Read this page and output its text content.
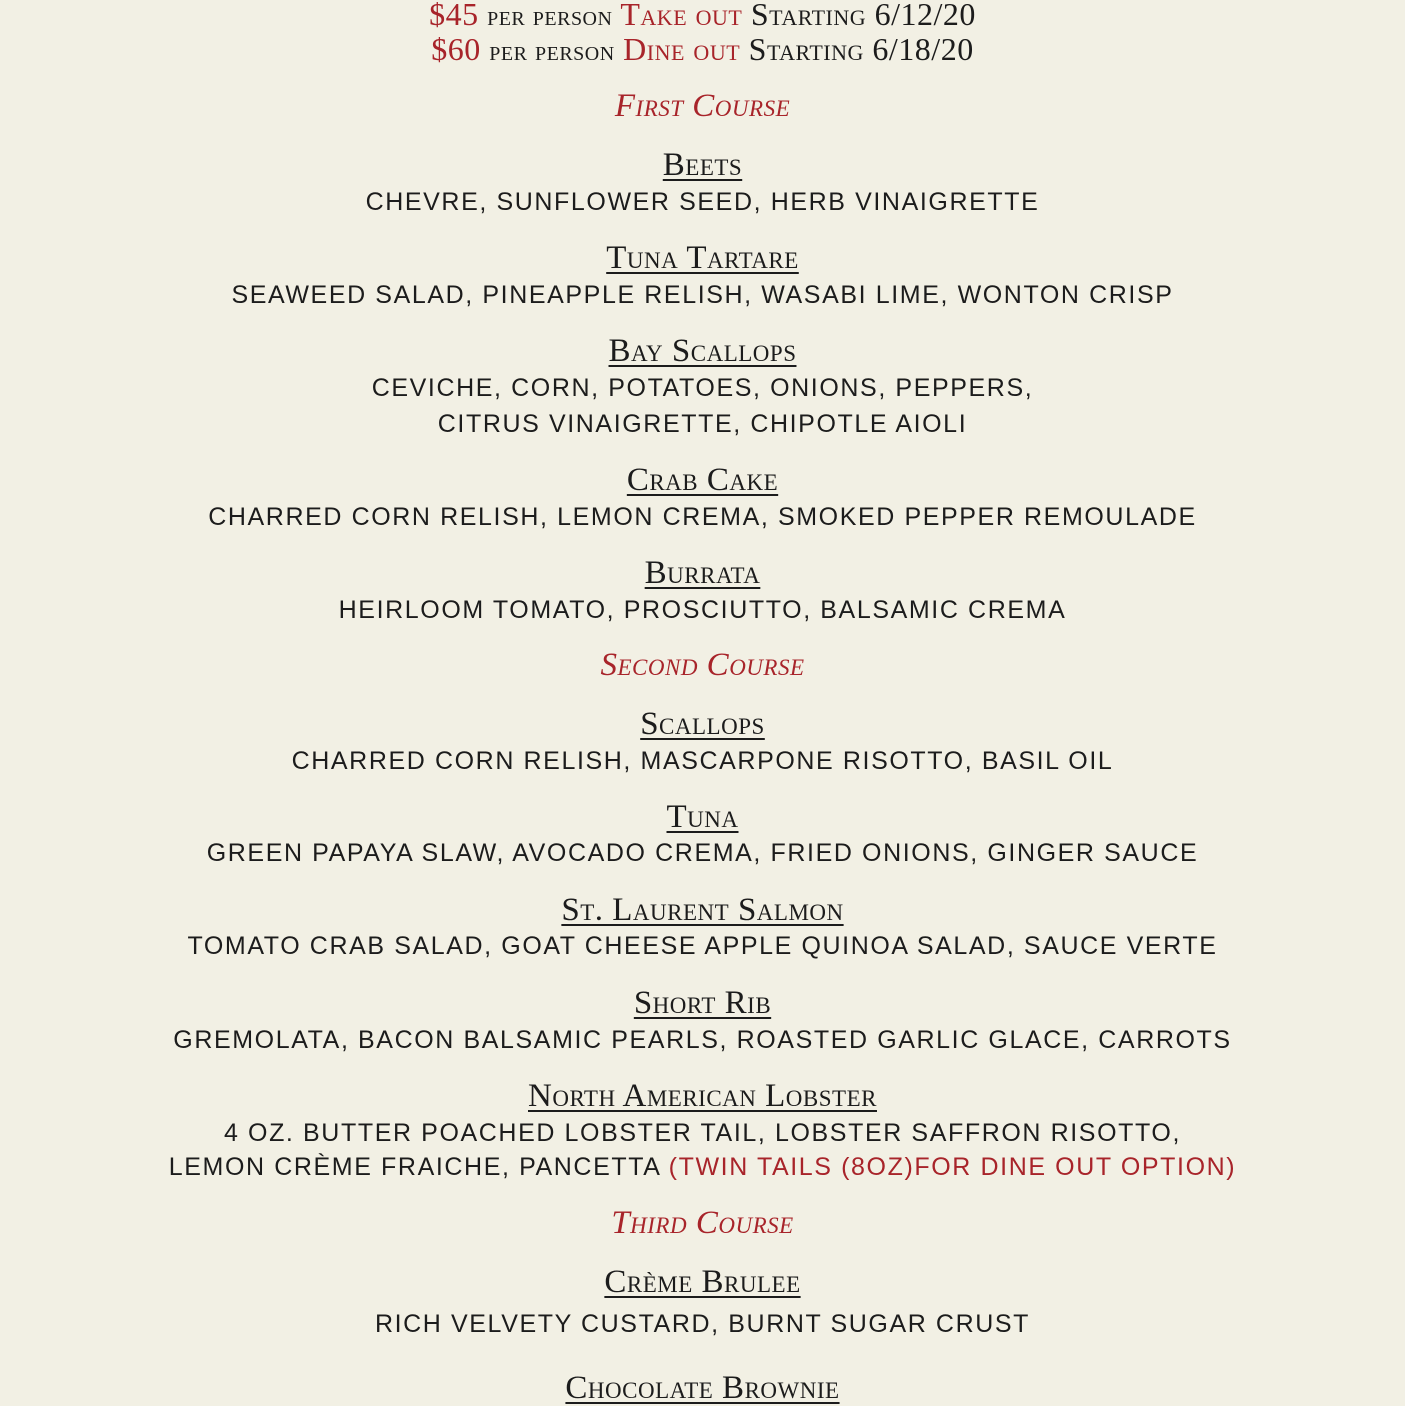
$45 per person Take out Starting 6/12/20
$60 per person Dine out Starting 6/18/20
First Course
Beets
CHEVRE, SUNFLOWER SEED, HERB VINAIGRETTE
Tuna Tartare
SEAWEED SALAD, PINEAPPLE RELISH, WASABI LIME, WONTON CRISP
Bay Scallops
CEVICHE, CORN, POTATOES, ONIONS, PEPPERS,
CITRUS VINAIGRETTE, CHIPOTLE AIOLI
Crab Cake
CHARRED CORN RELISH, LEMON CREMA, SMOKED PEPPER REMOULADE
Burrata
HEIRLOOM TOMATO, PROSCIUTTO, BALSAMIC CREMA
Second Course
Scallops
CHARRED CORN RELISH, MASCARPONE RISOTTO, BASIL OIL
Tuna
GREEN PAPAYA SLAW, AVOCADO CREMA, FRIED ONIONS, GINGER SAUCE
St. Laurent Salmon
TOMATO CRAB SALAD, GOAT CHEESE APPLE QUINOA SALAD, SAUCE VERTE
Short Rib
GREMOLATA, BACON BALSAMIC PEARLS, ROASTED GARLIC GLACE, CARROTS
North American Lobster
4 OZ. BUTTER POACHED LOBSTER TAIL, LOBSTER SAFFRON RISOTTO,
LEMON CRÈME FRAICHE, PANCETTA (TWIN TAILS (8OZ)FOR DINE OUT OPTION)
Third Course
Crème Brulee
RICH VELVETY CUSTARD, BURNT SUGAR CRUST
Chocolate Brownie
